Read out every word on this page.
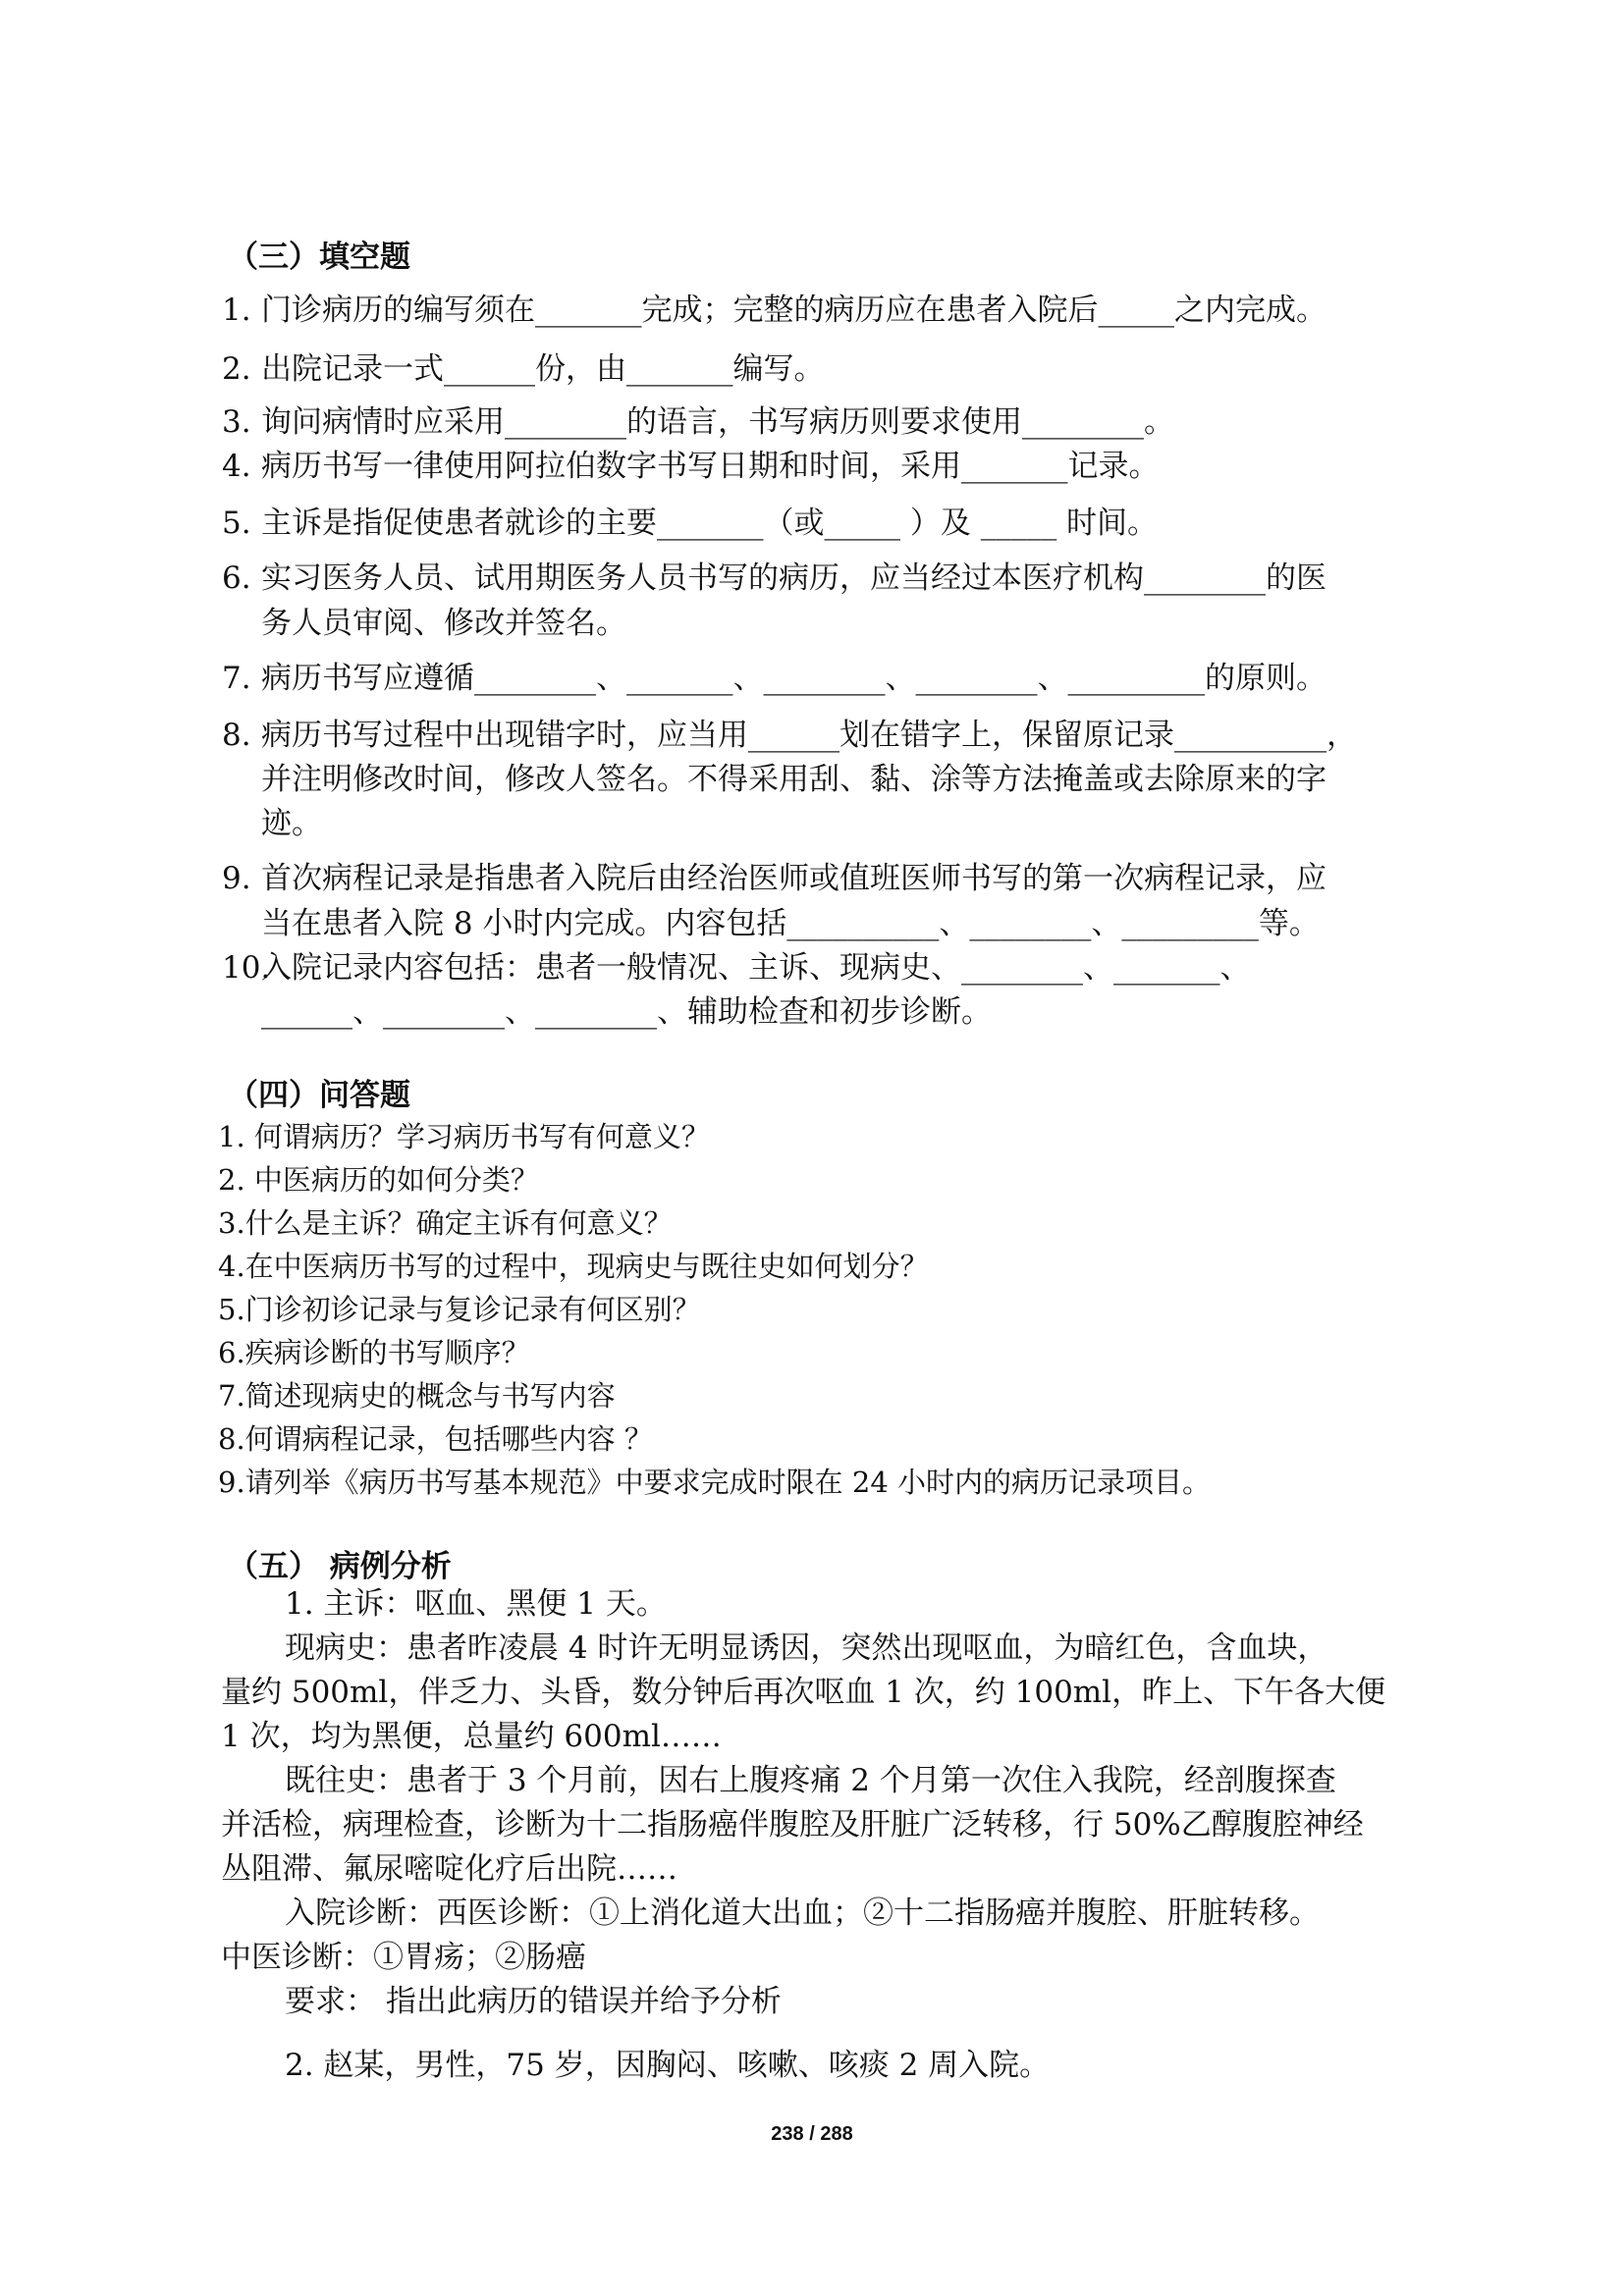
（三）填空题
1. 门诊病历的编写须在_______完成；完整的病历应在患者入院后_____之内完成。
2. 出院记录一式______份，由_______编写。
3. 询问病情时应采用________的语言，书写病历则要求使用________。
4. 病历书写一律使用阿拉伯数字书写日期和时间，采用_______记录。
5. 主诉是指促使患者就诊的主要_______（或_____ ）及 _____ 时间。
6. 实习医务人员、试用期医务人员书写的病历，应当经过本医疗机构________的医
务人员审阅、修改并签名。
7. 病历书写应遵循________、_______、________、________、_________的原则。
8. 病历书写过程中出现错字时，应当用______划在错字上，保留原记录__________，
并注明修改时间，修改人签名。不得采用刮、黏、涂等方法掩盖或去除原来的字
迹。
9. 首次病程记录是指患者入院后由经治医师或值班医师书写的第一次病程记录，应
当在患者入院 8 小时内完成。内容包括__________、________、_________等。
10.入院记录内容包括：患者一般情况、主诉、现病史、________、_______、
______、________、________、辅助检查和初步诊断。
（四）问答题
1. 何谓病历？学习病历书写有何意义？
2. 中医病历的如何分类？
3.什么是主诉？确定主诉有何意义？
4.在中医病历书写的过程中，现病史与既往史如何划分？
5.门诊初诊记录与复诊记录有何区别？
6.疾病诊断的书写顺序？
7.简述现病史的概念与书写内容
8.何谓病程记录，包括哪些内容 ？
9.请列举《病历书写基本规范》中要求完成时限在 24 小时内的病历记录项目。
（五） 病例分析
1. 主诉：呕血、黑便 1 天。
现病史：患者昨凌晨 4 时许无明显诱因，突然出现呕血，为暗红色，含血块，
量约 500ml，伴乏力、头昏，数分钟后再次呕血 1 次，约 100ml，昨上、下午各大便
1 次，均为黑便，总量约 600ml……
既往史：患者于 3 个月前，因右上腹疼痛 2 个月第一次住入我院，经剖腹探查
并活检，病理检查，诊断为十二指肠癌伴腹腔及肝脏广泛转移，行 50%乙醇腹腔神经
丛阻滞、氟尿嘧啶化疗后出院……
入院诊断：西医诊断：①上消化道大出血；②十二指肠癌并腹腔、肝脏转移。
中医诊断：①胃疡；②肠癌
要求： 指出此病历的错误并给予分析
2. 赵某，男性，75 岁，因胸闷、咳嗽、咳痰 2 周入院。
238 / 288
